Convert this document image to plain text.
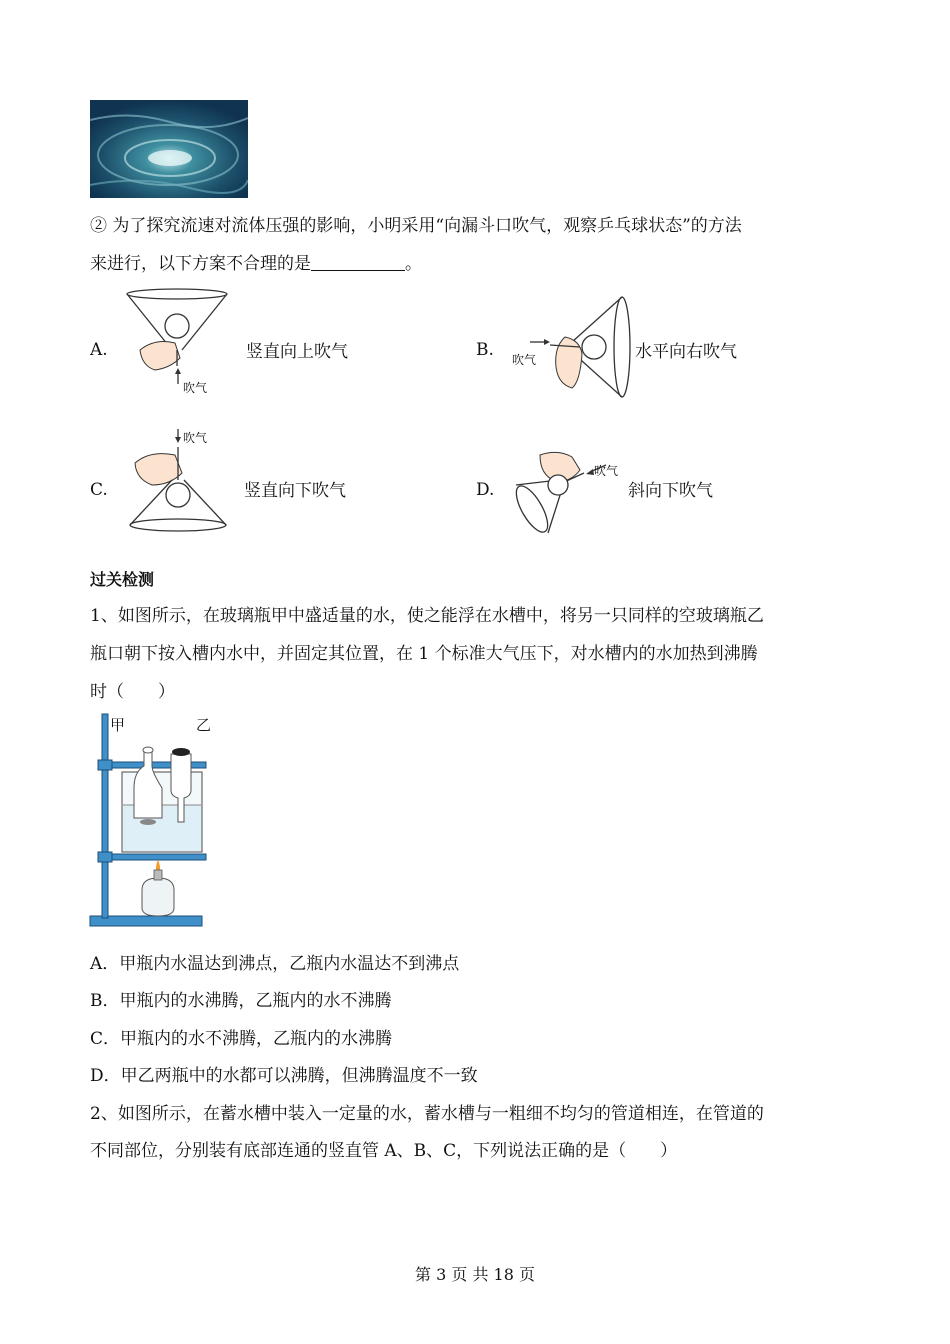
② 为了探究流速对流体压强的影响，小明采用“向漏斗口吹气，观察乒乓球状态”的方法
来进行，以下方案不合理的是	。
A.
吹气
竖直向上吹气	B. 吹气	水平向右吹气
C.
吹气
竖直向下吹气	D.
吹气
斜向下吹气
过关检测
1、如图所示，在玻璃瓶甲中盛适量的水，使之能浮在水槽中，将另一只同样的空玻璃瓶乙
瓶口朝下按入槽内水中，并固定其位置，在 1 个标准大气压下，对水槽内的水加热到沸腾
时（　　）
甲	乙
A．甲瓶内水温达到沸点，乙瓶内水温达不到沸点
B．甲瓶内的水沸腾，乙瓶内的水不沸腾
C．甲瓶内的水不沸腾，乙瓶内的水沸腾
D．甲乙两瓶中的水都可以沸腾，但沸腾温度不一致
2、如图所示，在蓄水槽中装入一定量的水，蓄水槽与一粗细不均匀的管道相连，在管道的
不同部位，分别装有底部连通的竖直管 A、B、C，下列说法正确的是（　　）
第 3 页 共 18 页
